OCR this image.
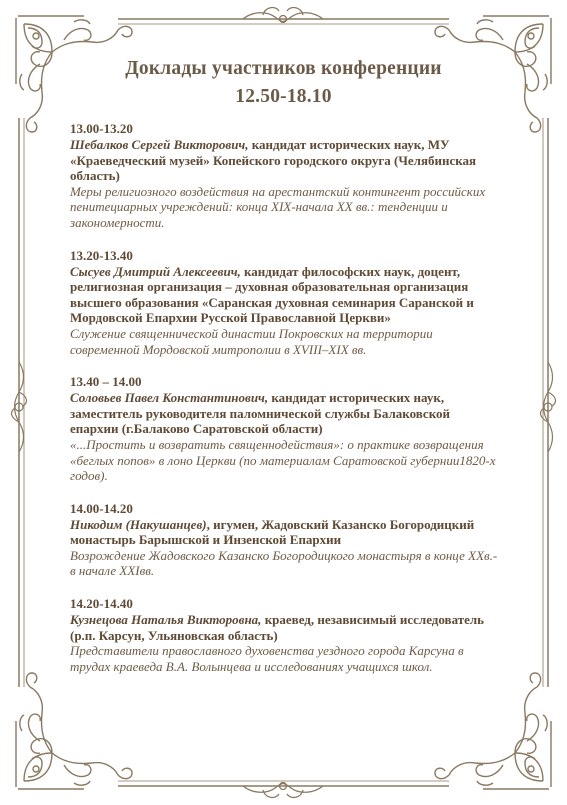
Доклады участников конференции
12.50-18.10
13.00-13.20
Шебалков Сергей Викторович, кандидат исторических наук, МУ «Краеведческий музей» Копейского городского округа (Челябинская область)
Меры религиозного воздействия на арестантский контингент российских пенитециарных учреждений: конца XIX-начала XX вв.: тенденции и закономерности.
13.20-13.40
Сысуев Дмитрий Алексеевич, кандидат философских наук, доцент, религиозная организация – духовная образовательная организация высшего образования «Саранская духовная семинария Саранской и Мордовской Епархии Русской Православной Церкви»
Служение священнической династии Покровских на территории современной Мордовской митрополии в XVIII–XIX вв.
13.40 – 14.00
Соловьев Павел Константинович, кандидат исторических наук, заместитель руководителя паломнической службы Балаковской епархии (г.Балаково Саратовской области)
«...Простить и возвратить священнодействия»: о практике возвращения «беглых попов» в лоно Церкви (по материалам Саратовской губернии1820-х годов).
14.00-14.20
Никодим (Накушанцев), игумен, Жадовский Казанско Богородицкий монастырь Барышской и Инзенской Епархии
Возрождение Жадовского Казанско Богородицкого монастыря в конце XXв.- в начале XXIвв.
14.20-14.40
Кузнецова Наталья Викторовна, краевед, независимый исследователь (р.п. Карсун, Ульяновская область)
Представители православного духовенства уездного города Карсуна в трудах краеведа В.А. Волынцева и исследованиях учащихся школ.
